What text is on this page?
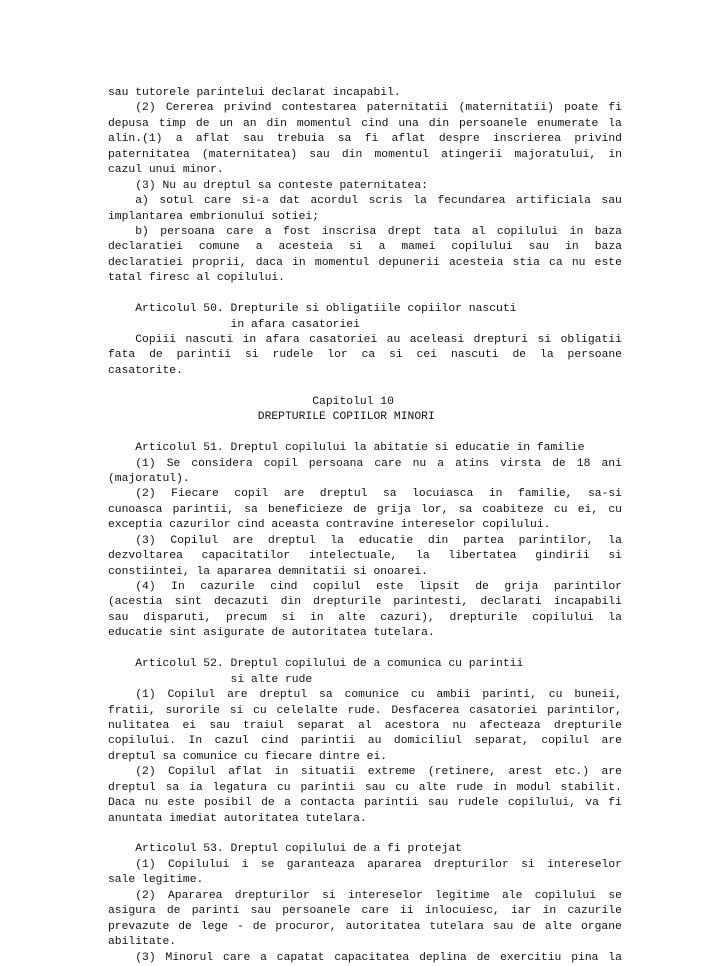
sau tutorele parintelui declarat incapabil.
(2) Cererea privind contestarea paternitatii (maternitatii) poate fi
depusa timp de un an din momentul cind una din persoanele enumerate la
alin.(1) a aflat sau trebuia sa fi aflat despre inscrierea privind
paternitatea (maternitatea) sau din momentul atingerii majoratului, in
cazul unui minor.
(3) Nu au dreptul sa conteste paternitatea:
a) sotul care si-a dat acordul scris la fecundarea artificiala sau
implantarea embrionului sotiei;
b) persoana care a fost inscrisa drept tata al copilului in baza
declaratiei comune a acesteia si a mamei copilului sau in baza
declaratiei proprii, daca in momentul depunerii acesteia stia ca nu este
tatal firesc al copilului.
Articolul 50. Drepturile si obligatiile copiilor nascuti
in afara casatoriei
Copiii nascuti in afara casatoriei au aceleasi drepturi si obligatii
fata de parintii si rudele lor ca si cei nascuti de la persoane
casatorite.
Capitolul 10
DREPTURILE COPIILOR MINORI
Articolul 51. Dreptul copilului la abitatie si educatie in familie
(1) Se considera copil persoana care nu a atins virsta de 18 ani
(majoratul).
(2) Fiecare copil are dreptul sa locuiasca in familie, sa-si
cunoasca parintii, sa beneficieze de grija lor, sa coabiteze cu ei, cu
exceptia cazurilor cind aceasta contravine intereselor copilului.
(3) Copilul are dreptul la educatie din partea parintilor, la
dezvoltarea capacitatilor intelectuale, la libertatea gindirii si
constiintei, la apararea demnitatii si onoarei.
(4) In cazurile cind copilul este lipsit de grija parintilor
(acestia sint decazuti din drepturile parintesti, declarati incapabili
sau disparuti, precum si in alte cazuri), drepturile copilului la
educatie sint asigurate de autoritatea tutelara.
Articolul 52. Dreptul copilului de a comunica cu parintii
si alte rude
(1) Copilul are dreptul sa comunice cu ambii parinti, cu buneii,
fratii, surorile si cu celelalte rude. Desfacerea casatoriei parintilor,
nulitatea ei sau traiul separat al acestora nu afecteaza drepturile
copilului. In cazul cind parintii au domiciliul separat, copilul are
dreptul sa comunice cu fiecare dintre ei.
(2) Copilul aflat in situatii extreme (retinere, arest etc.) are
dreptul sa ia legatura cu parintii sau cu alte rude in modul stabilit.
Daca nu este posibil de a contacta parintii sau rudele copilului, va fi
anuntata imediat autoritatea tutelara.
Articolul 53. Dreptul copilului de a fi protejat
(1) Copilului i se garanteaza apararea drepturilor si intereselor
sale legitime.
(2) Apararea drepturilor si intereselor legitime ale copilului se
asigura de parinti sau persoanele care ii inlocuiesc, iar in cazurile
prevazute de lege - de procuror, autoritatea tutelara sau de alte organe
abilitate.
(3) Minorul care a capatat capacitatea deplina de exercitiu pina la
